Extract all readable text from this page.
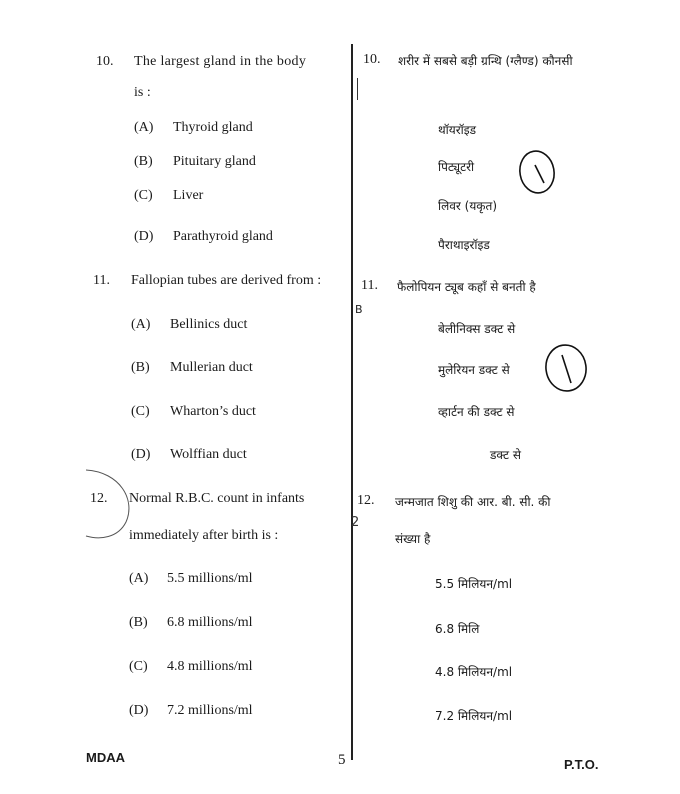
10. The largest gland in the body
is :
(A) Thyroid gland
(B) Pituitary gland
(C) Liver
(D) Parathyroid gland
11. Fallopian tubes are derived from :
(A) Bellinics duct
(B) Mullerian duct
(C) Wharton’s duct
(D) Wolffian duct
12. Normal R.B.C. count in infants
immediately after birth is :
(A) 5.5 millions/ml
(B) 6.8 millions/ml
(C) 4.8 millions/ml
(D) 7.2 millions/ml
10. शरीर में सबसे बड़ी ग्रन्थि (ग्लैण्ड) कौनसी
थॉयरॉइड
पिट्यूटरी
लिवर (यकृत)
पैराथाइरॉइड
11. फैलोपियन ट्यूब कहाँ से बनती है
बेलीनिक्स डक्ट से
मुलेरियन डक्ट से
व्हार्टन की डक्ट से
डक्ट से
12. जन्मजात शिशु की आर. बी. सी. की
संख्या है
5.5 मिलियन/ml
6.8 मिलि
4.8 मिलियन/ml
7.2 मिलियन/ml
B
2
MDAA	5	P.T.O.
